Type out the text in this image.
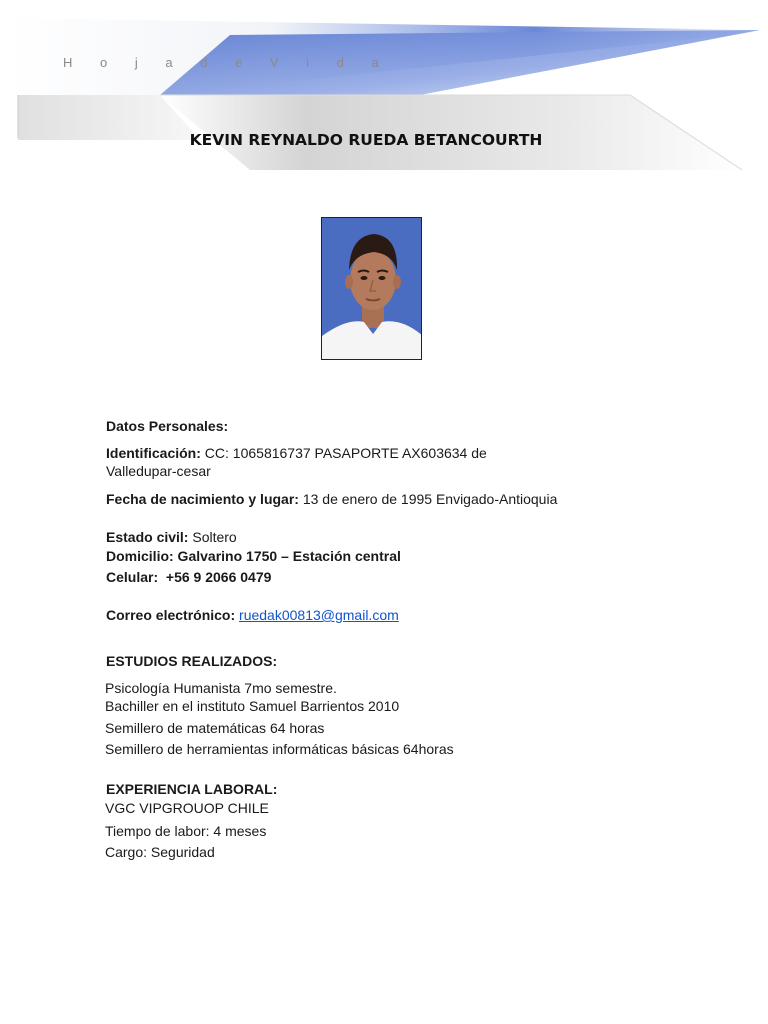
H o j a d e V i d a
KEVIN REYNALDO RUEDA BETANCOURTH
Datos Personales:
Identificación: CC: 1065816737 PASAPORTE AX603634 de
Valledupar-cesar
Fecha de nacimiento y lugar: 13 de enero de 1995 Envigado-Antioquia
Estado civil: Soltero
Domicilio: Galvarino 1750 – Estación central
Celular: +56 9 2066 0479
Correo electrónico: ruedak00813@gmail.com
ESTUDIOS REALIZADOS:
Psicología Humanista 7mo semestre.
Bachiller en el instituto Samuel Barrientos 2010
Semillero de matemáticas 64 horas
Semillero de herramientas informáticas básicas 64horas
EXPERIENCIA LABORAL:
VGC VIPGROUOP CHILE
Tiempo de labor: 4 meses
Cargo: Seguridad
